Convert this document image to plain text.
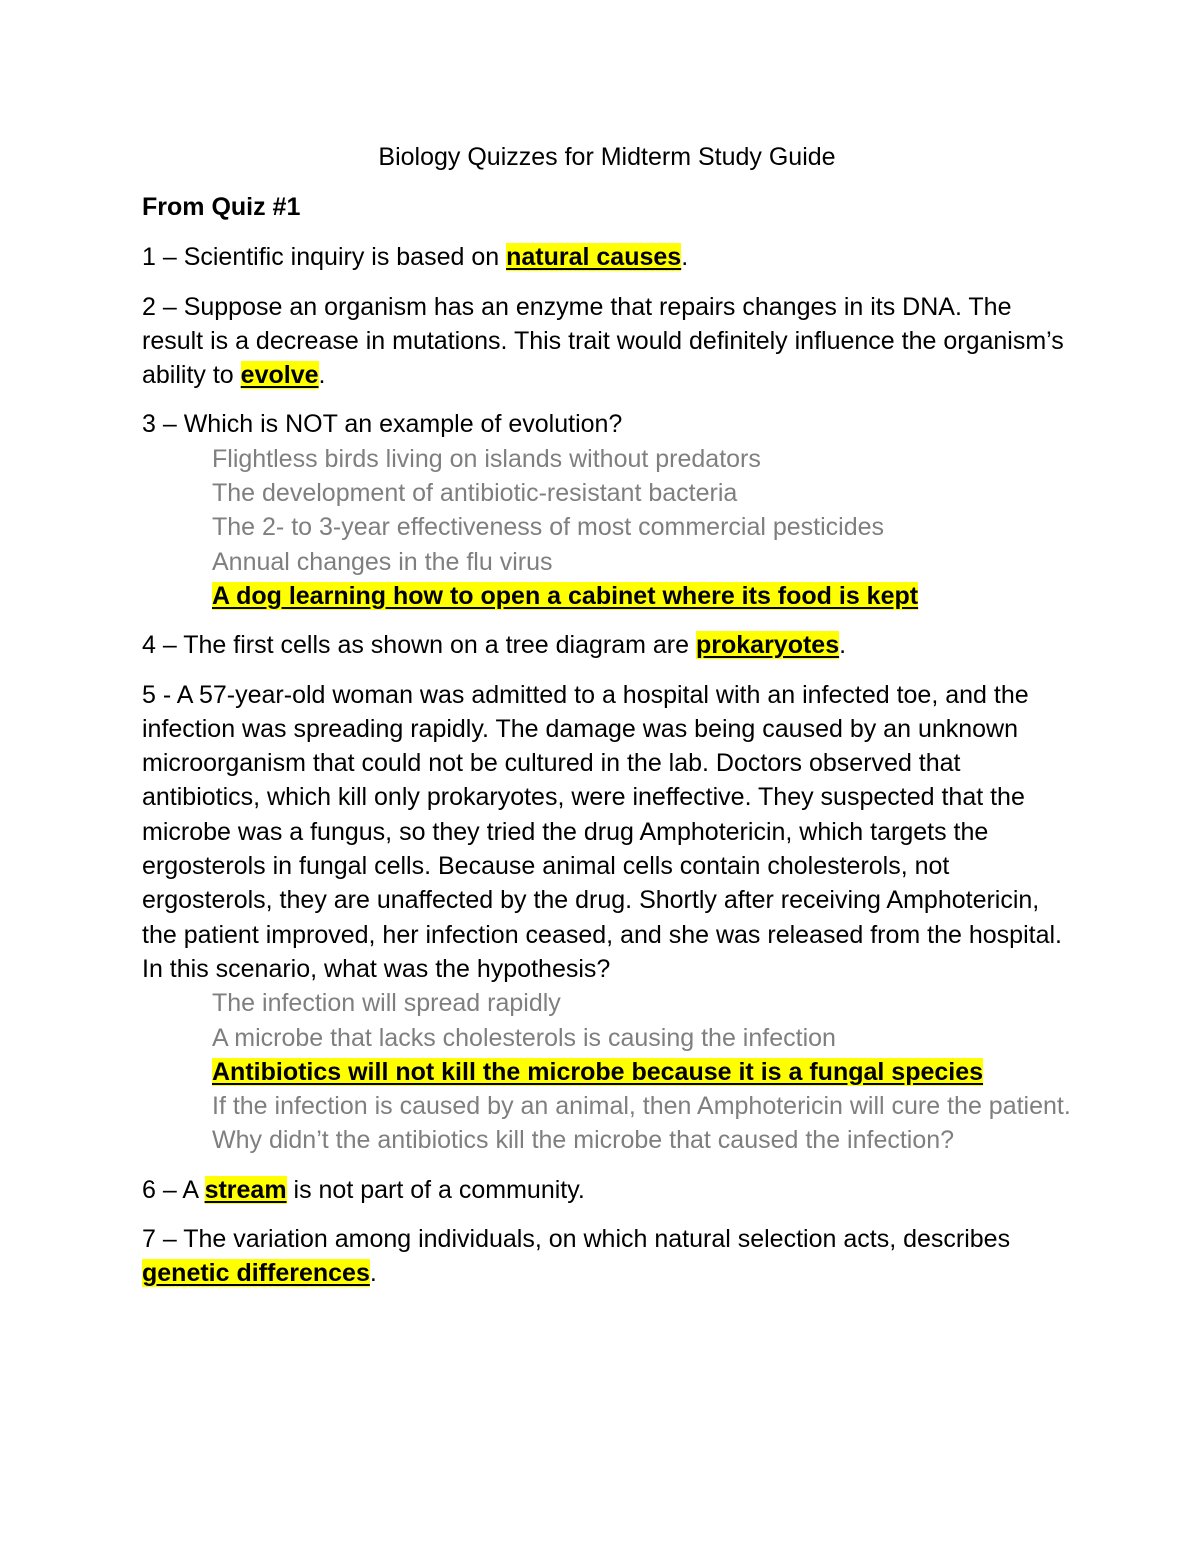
Biology Quizzes for Midterm Study Guide
From Quiz #1
1 – Scientific inquiry is based on natural causes.
2 – Suppose an organism has an enzyme that repairs changes in its DNA. The result is a decrease in mutations. This trait would definitely influence the organism’s ability to evolve.
3 – Which is NOT an example of evolution?
Flightless birds living on islands without predators
The development of antibiotic-resistant bacteria
The 2- to 3-year effectiveness of most commercial pesticides
Annual changes in the flu virus
A dog learning how to open a cabinet where its food is kept
4 – The first cells as shown on a tree diagram are prokaryotes.
5 - A 57-year-old woman was admitted to a hospital with an infected toe, and the infection was spreading rapidly. The damage was being caused by an unknown microorganism that could not be cultured in the lab. Doctors observed that antibiotics, which kill only prokaryotes, were ineffective. They suspected that the microbe was a fungus, so they tried the drug Amphotericin, which targets the ergosterols in fungal cells. Because animal cells contain cholesterols, not ergosterols, they are unaffected by the drug. Shortly after receiving Amphotericin, the patient improved, her infection ceased, and she was released from the hospital.
In this scenario, what was the hypothesis?
The infection will spread rapidly
A microbe that lacks cholesterols is causing the infection
Antibiotics will not kill the microbe because it is a fungal species
If the infection is caused by an animal, then Amphotericin will cure the patient.
Why didn’t the antibiotics kill the microbe that caused the infection?
6 – A stream is not part of a community.
7 – The variation among individuals, on which natural selection acts, describes genetic differences.
